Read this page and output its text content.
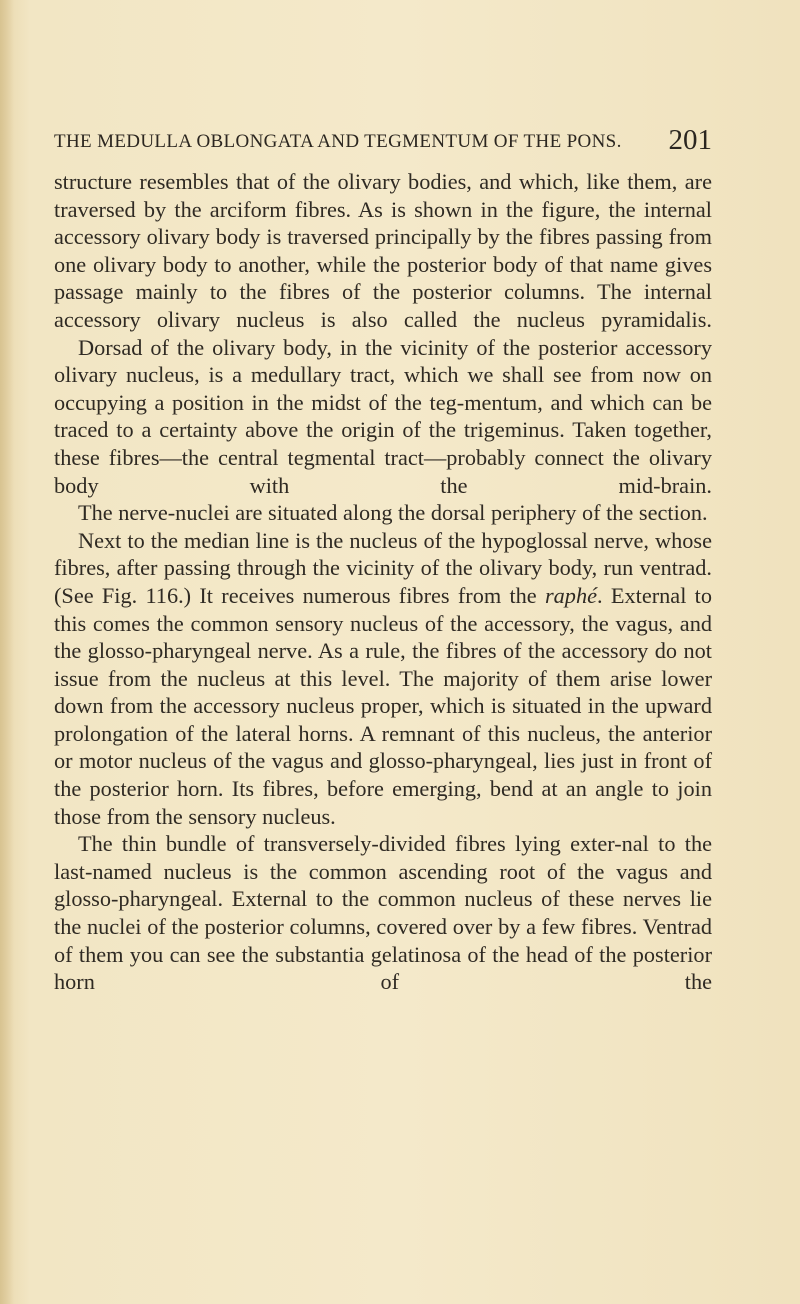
THE MEDULLA OBLONGATA AND TEGMENTUM OF THE PONS. 201

structure resembles that of the olivary bodies, and which, like them, are traversed by the arciform fibres. As is shown in the figure, the internal accessory olivary body is traversed principally by the fibres passing from one olivary body to another, while the posterior body of that name gives passage mainly to the fibres of the posterior columns. The internal accessory olivary nucleus is also called the nucleus pyramidalis.

Dorsad of the olivary body, in the vicinity of the posterior accessory olivary nucleus, is a medullary tract, which we shall see from now on occupying a position in the midst of the teg-mentum, and which can be traced to a certainty above the origin of the trigeminus. Taken together, these fibres—the central tegmental tract—probably connect the olivary body with the mid-brain.

The nerve-nuclei are situated along the dorsal periphery of the section.

Next to the median line is the nucleus of the hypoglossal nerve, whose fibres, after passing through the vicinity of the olivary body, run ventrad. (See Fig. 116.) It receives numerous fibres from the raphé. External to this comes the common sensory nucleus of the accessory, the vagus, and the glosso-pharyngeal nerve. As a rule, the fibres of the accessory do not issue from the nucleus at this level. The majority of them arise lower down from the accessory nucleus proper, which is situated in the upward prolongation of the lateral horns. A remnant of this nucleus, the anterior or motor nucleus of the vagus and glosso-pharyngeal, lies just in front of the posterior horn. Its fibres, before emerging, bend at an angle to join those from the sensory nucleus.

The thin bundle of transversely-divided fibres lying exter-nal to the last-named nucleus is the common ascending root of the vagus and glosso-pharyngeal. External to the common nucleus of these nerves lie the nuclei of the posterior columns, covered over by a few fibres. Ventrad of them you can see the substantia gelatinosa of the head of the posterior horn of the
